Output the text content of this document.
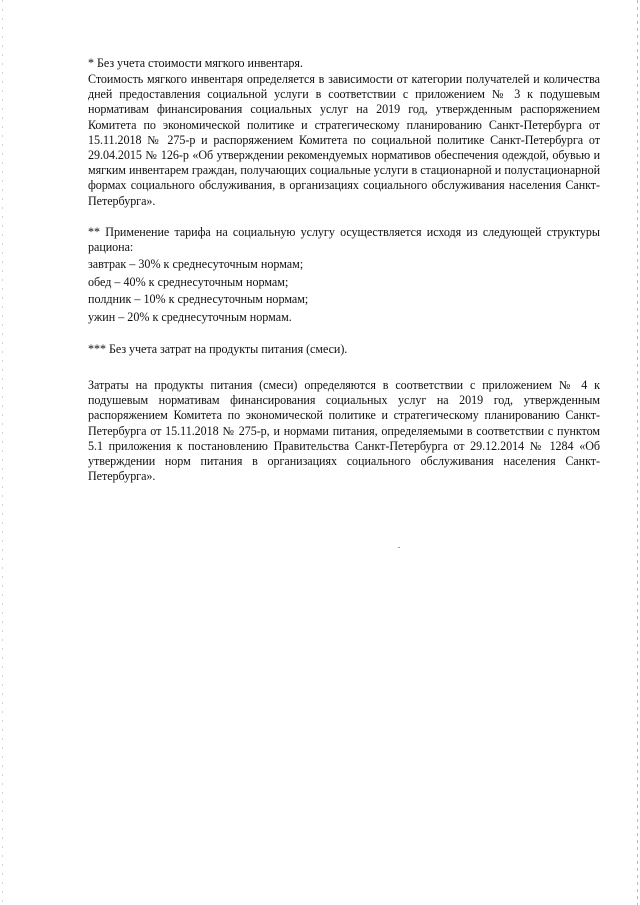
* Без учета стоимости мягкого инвентаря.

Стоимость мягкого инвентаря определяется в зависимости от категории получателей и количества дней предоставления социальной услуги в соответствии с приложением № 3 к подушевым нормативам финансирования социальных услуг на 2019 год, утвержденным распоряжением Комитета по экономической политике и стратегическому планированию Санкт-Петербурга от 15.11.2018 № 275-р и распоряжением Комитета по социальной политике Санкт-Петербурга от 29.04.2015 № 126-р «Об утверждении рекомендуемых нормативов обеспечения одеждой, обувью и мягким инвентарем граждан, получающих социальные услуги в стационарной и полустационарной формах социального обслуживания, в организациях социального обслуживания населения Санкт-Петербурга».

** Применение тарифа на социальную услугу осуществляется исходя из следующей структуры рациона:

завтрак – 30% к среднесуточным нормам;
обед – 40% к среднесуточным нормам;
полдник – 10% к среднесуточным нормам;
ужин – 20% к среднесуточным нормам.

*** Без учета затрат на продукты питания (смеси).

Затраты на продукты питания (смеси) определяются в соответствии с приложением № 4 к подушевым нормативам финансирования социальных услуг на 2019 год, утвержденным распоряжением Комитета по экономической политике и стратегическому планированию Санкт-Петербурга от 15.11.2018 № 275-р, и нормами питания, определяемыми в соответствии с пунктом 5.1 приложения к постановлению Правительства Санкт-Петербурга от 29.12.2014 № 1284 «Об утверждении норм питания в организациях социального обслуживания населения Санкт-Петербурга».
